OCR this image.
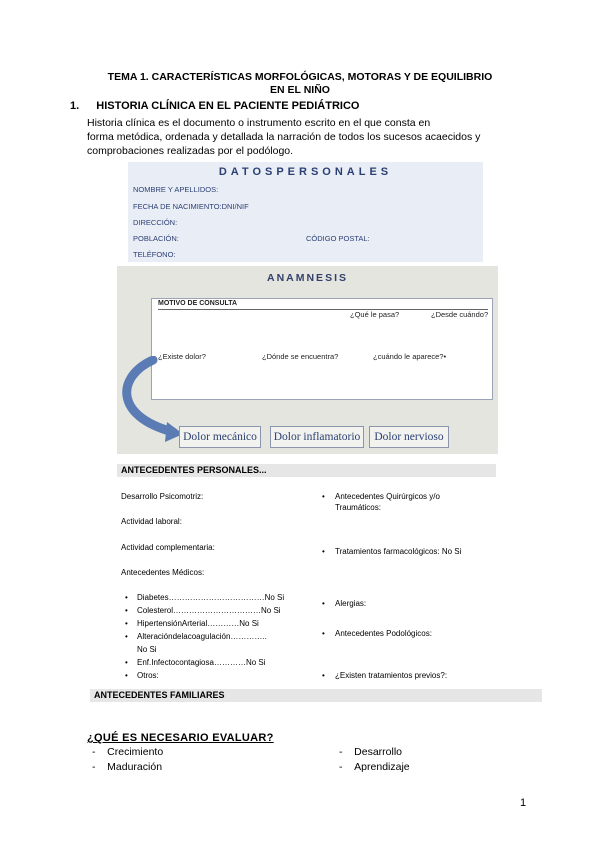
TEMA 1. CARACTERÍSTICAS MORFOLÓGICAS, MOTORAS Y DE EQUILIBRIO
EN EL NIÑO
1. HISTORIA CLÍNICA EN EL PACIENTE PEDIÁTRICO
Historia clínica es el documento o instrumento escrito en el que consta en
forma metódica, ordenada y detallada la narración de todos los sucesos acaecidos y
comprobaciones realizadas por el podólogo.
DATOSPERSONALES
NOMBRE Y APELLIDOS:
FECHA DE NACIMIENTO:DNI/NIF
DIRECCIÓN:
POBLACIÓN:	CÓDIGO POSTAL:
TELÉFONO:
ANAMNESIS
MOTIVO DE CONSULTA
¿Qué le pasa?	¿Desde cuándo?
¿Existe dolor?	¿Dónde se encuentra?	¿cuándo le aparece?•
Dolor mecánico	Dolor inflamatorio	Dolor nervioso
ANTECEDENTES PERSONALES...
Desarrollo Psicomotriz:
Actividad laboral:
Actividad complementaria:
Antecedentes Médicos:
• Diabetes………………………………No Si
• Colesterol……………………………No Si
• HipertensiónArterial…………No Si
• Alteracióndelacoagulación…………..
No Si
• Enf.Infectocontagiosa…………No Si
• Otros:
• Antecedentes Quirúrgicos y/o
Traumáticos:
• Tratamientos farmacológicos: No Si
• Alergias:
• Antecedentes Podológicos:
• ¿Existen tratamientos previos?:
ANTECEDENTES FAMILIARES
¿QUÉ ES NECESARIO EVALUAR?
-    Crecimiento
-    Maduración
-    Desarrollo
-    Aprendizaje
1
